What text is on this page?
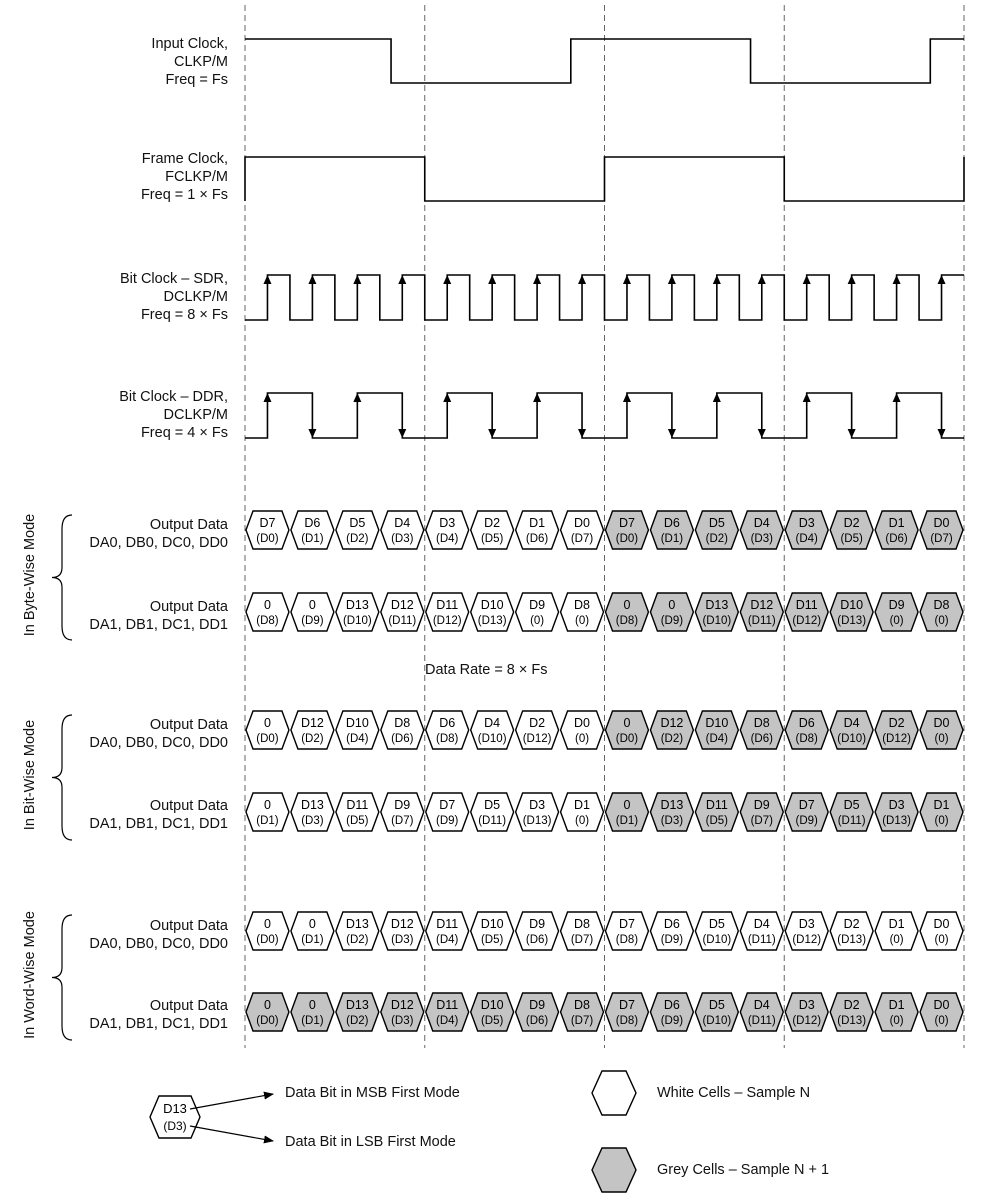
Input Clock,
CLKP/M
Freq = Fs
Frame Clock,
FCLKP/M
Freq = 1 × Fs
Bit Clock – SDR,
DCLKP/M
Freq = 8 × Fs
Bit Clock – DDR,
DCLKP/M
Freq = 4 × Fs
Output Data
DA0, DB0, DC0, DD0
Output Data
DA1, DB1, DC1, DD1
Output Data
DA0, DB0, DC0, DD0
Output Data
DA1, DB1, DC1, DD1
Output Data
DA0, DB0, DC0, DD0
Output Data
DA1, DB1, DC1, DD1
In Byte-Wise Mode
In Bit-Wise Mode
In Word-Wise Mode
Data Rate = 8 × Fs
Data Bit in MSB First Mode
Data Bit in LSB First Mode
White Cells – Sample N
Grey Cells – Sample N + 1
D7
(D0)
D6
(D1)
D5
(D2)
D4
(D3)
D3
(D4)
D2
(D5)
D1
(D6)
D0
(D7)
D7
(D0)
D6
(D1)
D5
(D2)
D4
(D3)
D3
(D4)
D2
(D5)
D1
(D6)
D0
(D7)
0
(D8)
0
(D9)
D13
(D10)
D12
(D11)
D11
(D12)
D10
(D13)
D9
(0)
D8
(0)
0
(D8)
0
(D9)
D13
(D10)
D12
(D11)
D11
(D12)
D10
(D13)
D9
(0)
D8
(0)
0
(D0)
D12
(D2)
D10
(D4)
D8
(D6)
D6
(D8)
D4
(D10)
D2
(D12)
D0
(0)
0
(D0)
D12
(D2)
D10
(D4)
D8
(D6)
D6
(D8)
D4
(D10)
D2
(D12)
D0
(0)
0
(D1)
D13
(D3)
D11
(D5)
D9
(D7)
D7
(D9)
D5
(D11)
D3
(D13)
D1
(0)
0
(D1)
D13
(D3)
D11
(D5)
D9
(D7)
D7
(D9)
D5
(D11)
D3
(D13)
D1
(0)
0
(D0)
0
(D1)
D13
(D2)
D12
(D3)
D11
(D4)
D10
(D5)
D9
(D6)
D8
(D7)
D7
(D8)
D6
(D9)
D5
(D10)
D4
(D11)
D3
(D12)
D2
(D13)
D1
(0)
D0
(0)
0
(D0)
0
(D1)
D13
(D2)
D12
(D3)
D11
(D4)
D10
(D5)
D9
(D6)
D8
(D7)
D7
(D8)
D6
(D9)
D5
(D10)
D4
(D11)
D3
(D12)
D2
(D13)
D1
(0)
D0
(0)
D13
(D3)
